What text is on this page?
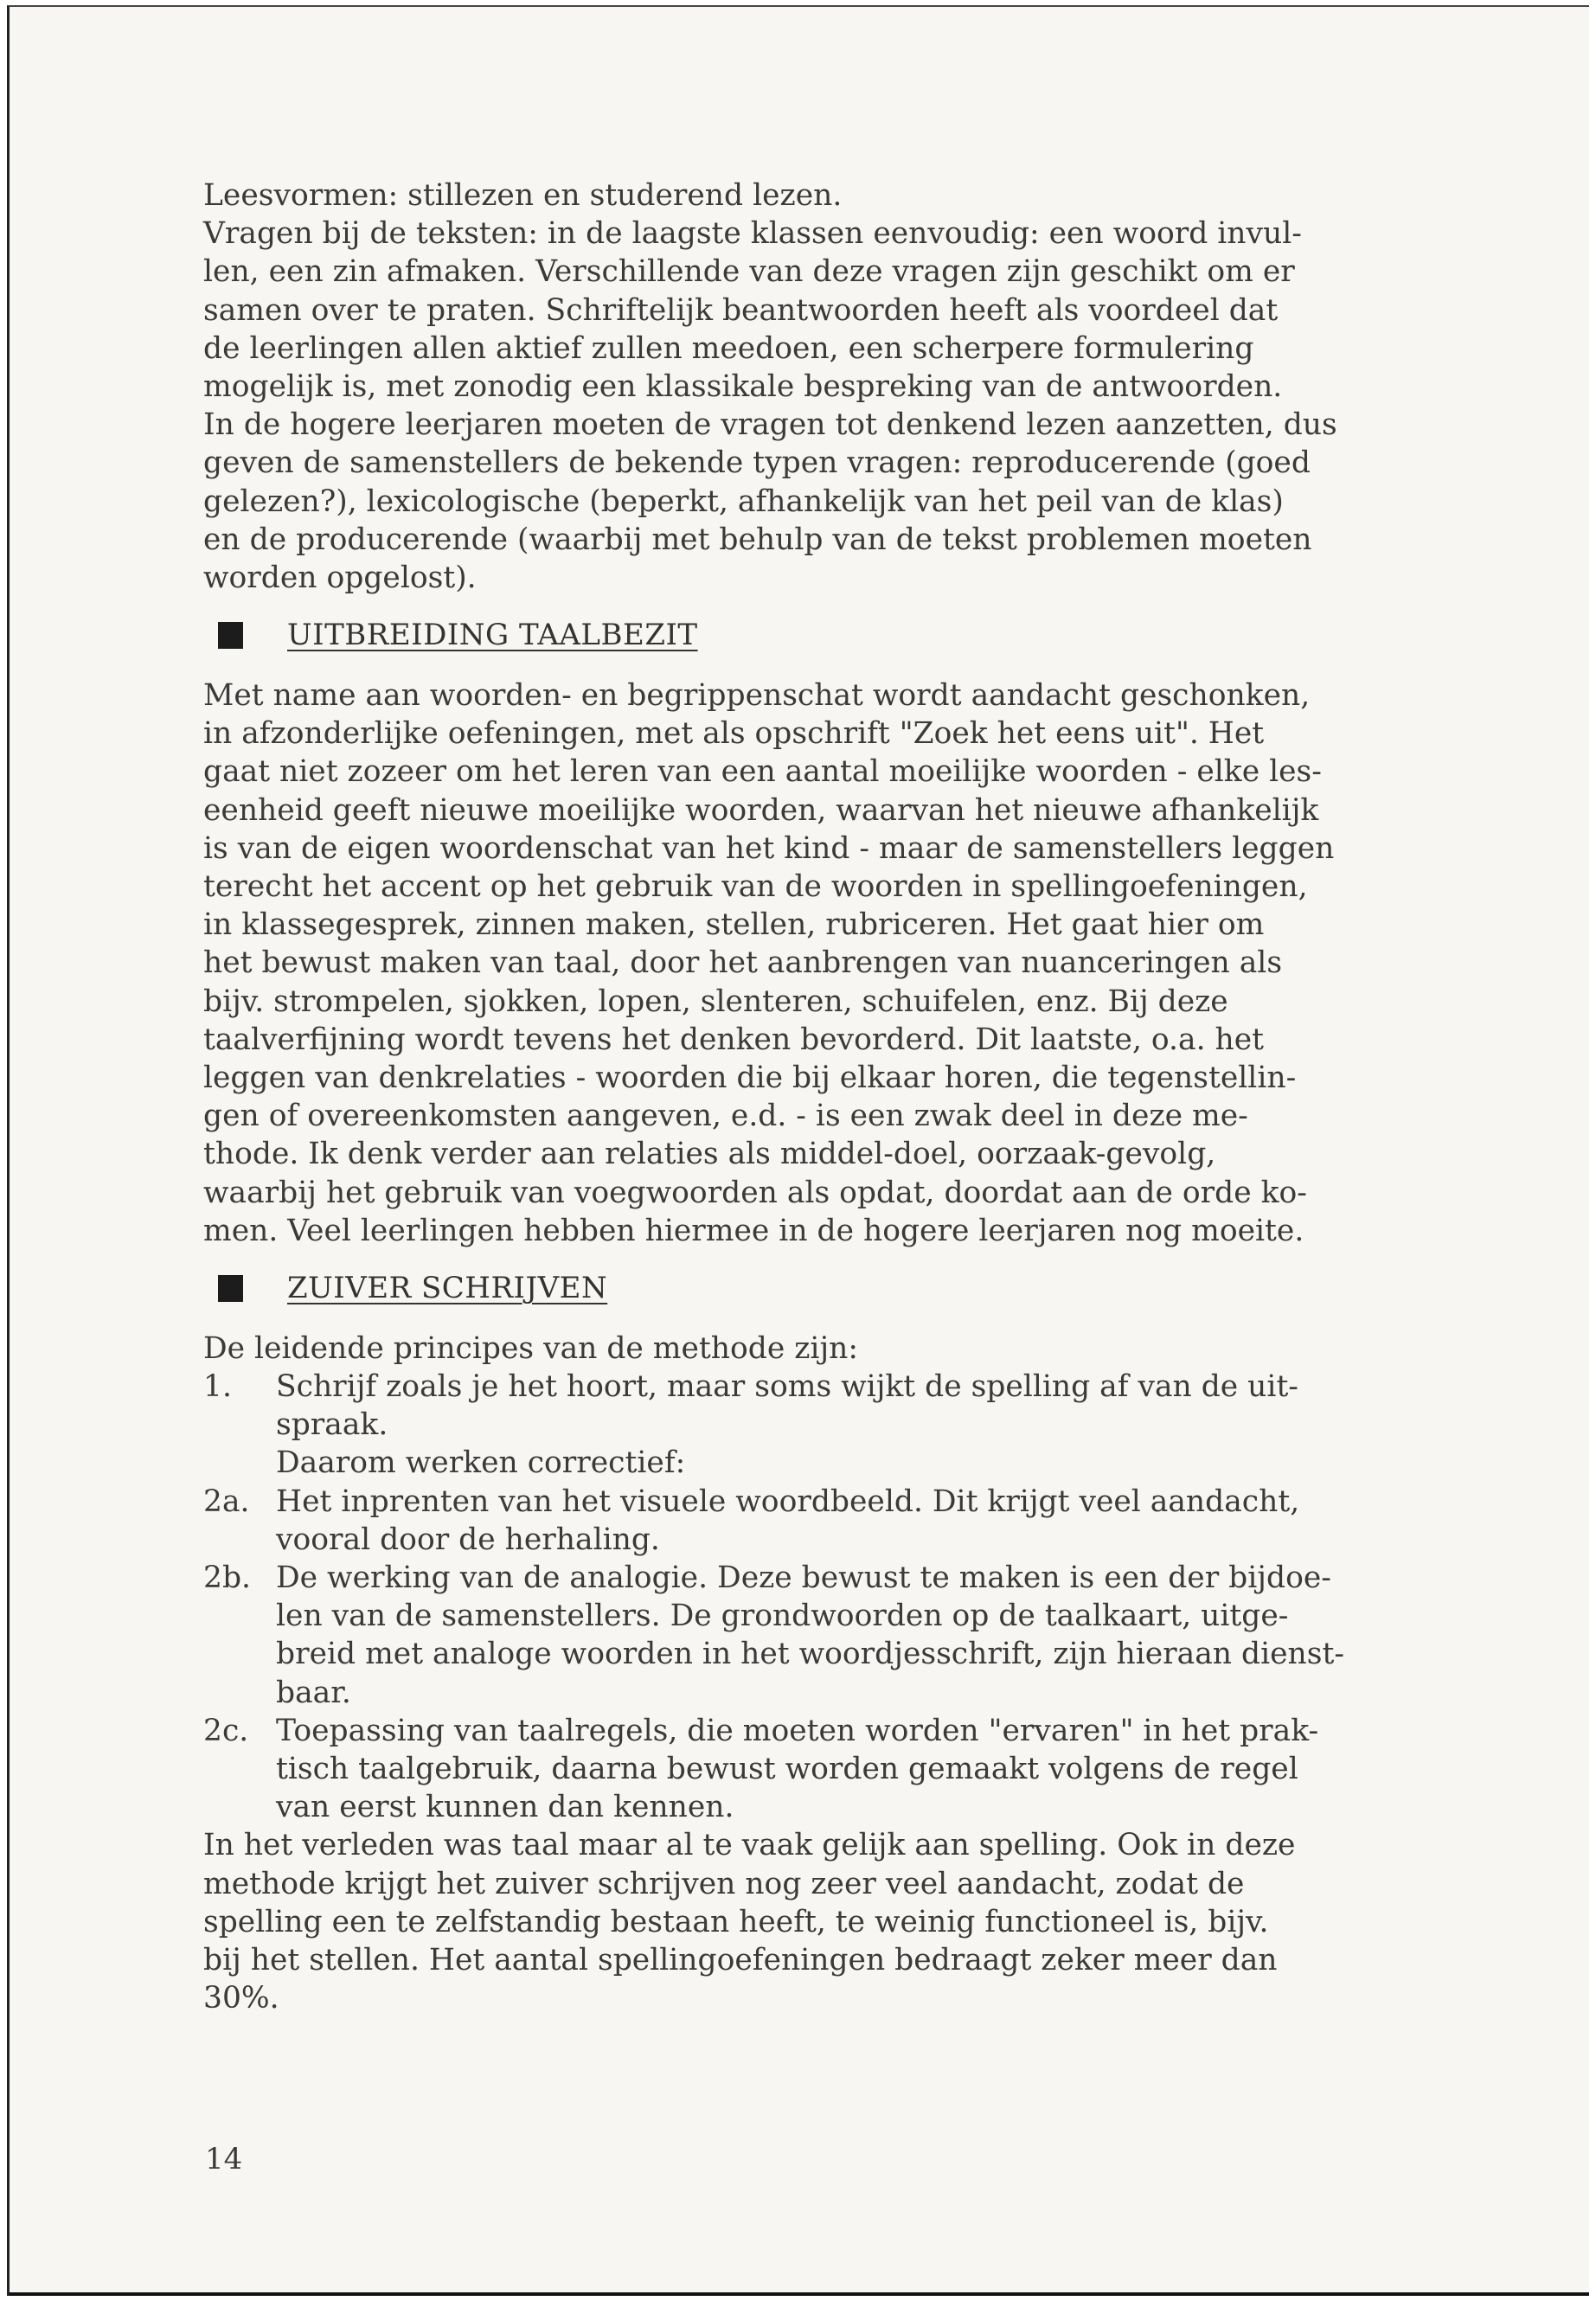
Leesvormen: stillezen en studerend lezen.
Vragen bij de teksten: in de laagste klassen eenvoudig: een woord invul-
len, een zin afmaken. Verschillende van deze vragen zijn geschikt om er
samen over te praten. Schriftelijk beantwoorden heeft als voordeel dat
de leerlingen allen aktief zullen meedoen, een scherpere formulering
mogelijk is, met zonodig een klassikale bespreking van de antwoorden.
In de hogere leerjaren moeten de vragen tot denkend lezen aanzetten, dus
geven de samenstellers de bekende typen vragen: reproducerende (goed
gelezen?), lexicologische (beperkt, afhankelijk van het peil van de klas)
en de producerende (waarbij met behulp van de tekst problemen moeten
worden opgelost).
UITBREIDING TAALBEZIT
Met name aan woorden- en begrippenschat wordt aandacht geschonken,
in afzonderlijke oefeningen, met als opschrift "Zoek het eens uit". Het
gaat niet zozeer om het leren van een aantal moeilijke woorden - elke les-
eenheid geeft nieuwe moeilijke woorden, waarvan het nieuwe afhankelijk
is van de eigen woordenschat van het kind - maar de samenstellers leggen
terecht het accent op het gebruik van de woorden in spellingoefeningen,
in klassegesprek, zinnen maken, stellen, rubriceren. Het gaat hier om
het bewust maken van taal, door het aanbrengen van nuanceringen als
bijv. strompelen, sjokken, lopen, slenteren, schuifelen, enz. Bij deze
taalverfijning wordt tevens het denken bevorderd. Dit laatste, o.a. het
leggen van denkrelaties - woorden die bij elkaar horen, die tegenstellin-
gen of overeenkomsten aangeven, e.d. - is een zwak deel in deze me-
thode. Ik denk verder aan relaties als middel-doel, oorzaak-gevolg,
waarbij het gebruik van voegwoorden als opdat, doordat aan de orde ko-
men. Veel leerlingen hebben hiermee in de hogere leerjaren nog moeite.
ZUIVER SCHRIJVEN
De leidende principes van de methode zijn:
1. Schrijf zoals je het hoort, maar soms wijkt de spelling af van de uit-
spraak.
Daarom werken correctief:
2a. Het inprenten van het visuele woordbeeld. Dit krijgt veel aandacht,
vooral door de herhaling.
2b. De werking van de analogie. Deze bewust te maken is een der bijdoe-
len van de samenstellers. De grondwoorden op de taalkaart, uitge-
breid met analoge woorden in het woordjesschrift, zijn hieraan dienst-
baar.
2c. Toepassing van taalregels, die moeten worden "ervaren" in het prak-
tisch taalgebruik, daarna bewust worden gemaakt volgens de regel
van eerst kunnen dan kennen.
In het verleden was taal maar al te vaak gelijk aan spelling. Ook in deze
methode krijgt het zuiver schrijven nog zeer veel aandacht, zodat de
spelling een te zelfstandig bestaan heeft, te weinig functioneel is, bijv.
bij het stellen. Het aantal spellingoefeningen bedraagt zeker meer dan
30%.
14
